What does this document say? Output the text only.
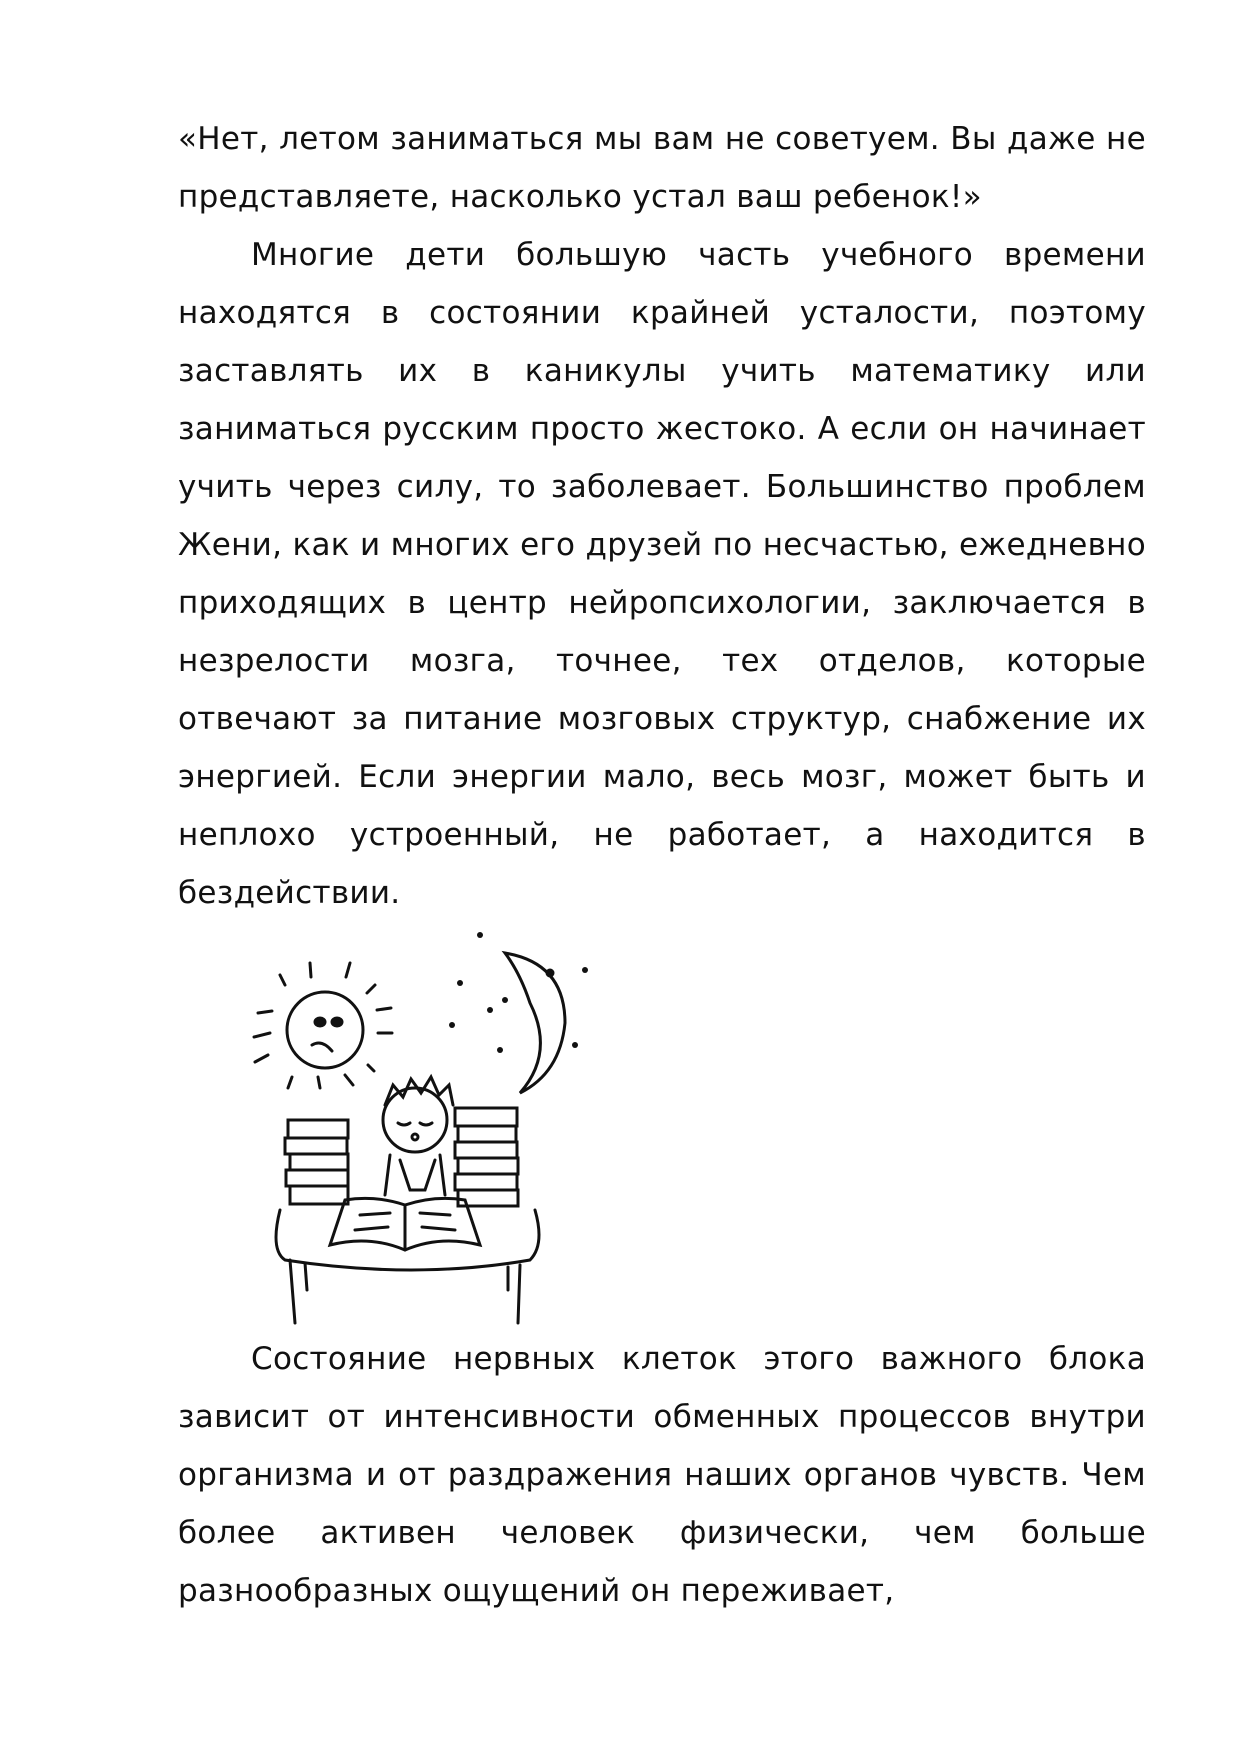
«Нет, летом заниматься мы вам не советуем. Вы даже не представляете, насколько устал ваш ребенок!»

Многие дети большую часть учебного времени находятся в состоянии крайней усталости, поэтому заставлять их в каникулы учить математику или заниматься русским просто жестоко. А если он начинает учить через силу, то заболевает. Большинство проблем Жени, как и многих его друзей по несчастью, ежедневно приходящих в центр нейропсихологии, заключается в незрелости мозга, точнее, тех отделов, которые отвечают за питание мозговых структур, снабжение их энергией. Если энергии мало, весь мозг, может быть и неплохо устроенный, не работает, а находится в бездействии.

Состояние нервных клеток этого важного блока зависит от интенсивности обменных процессов внутри организма и от раздражения наших органов чувств. Чем более активен человек физически, чем больше разнообразных ощущений он переживает,
